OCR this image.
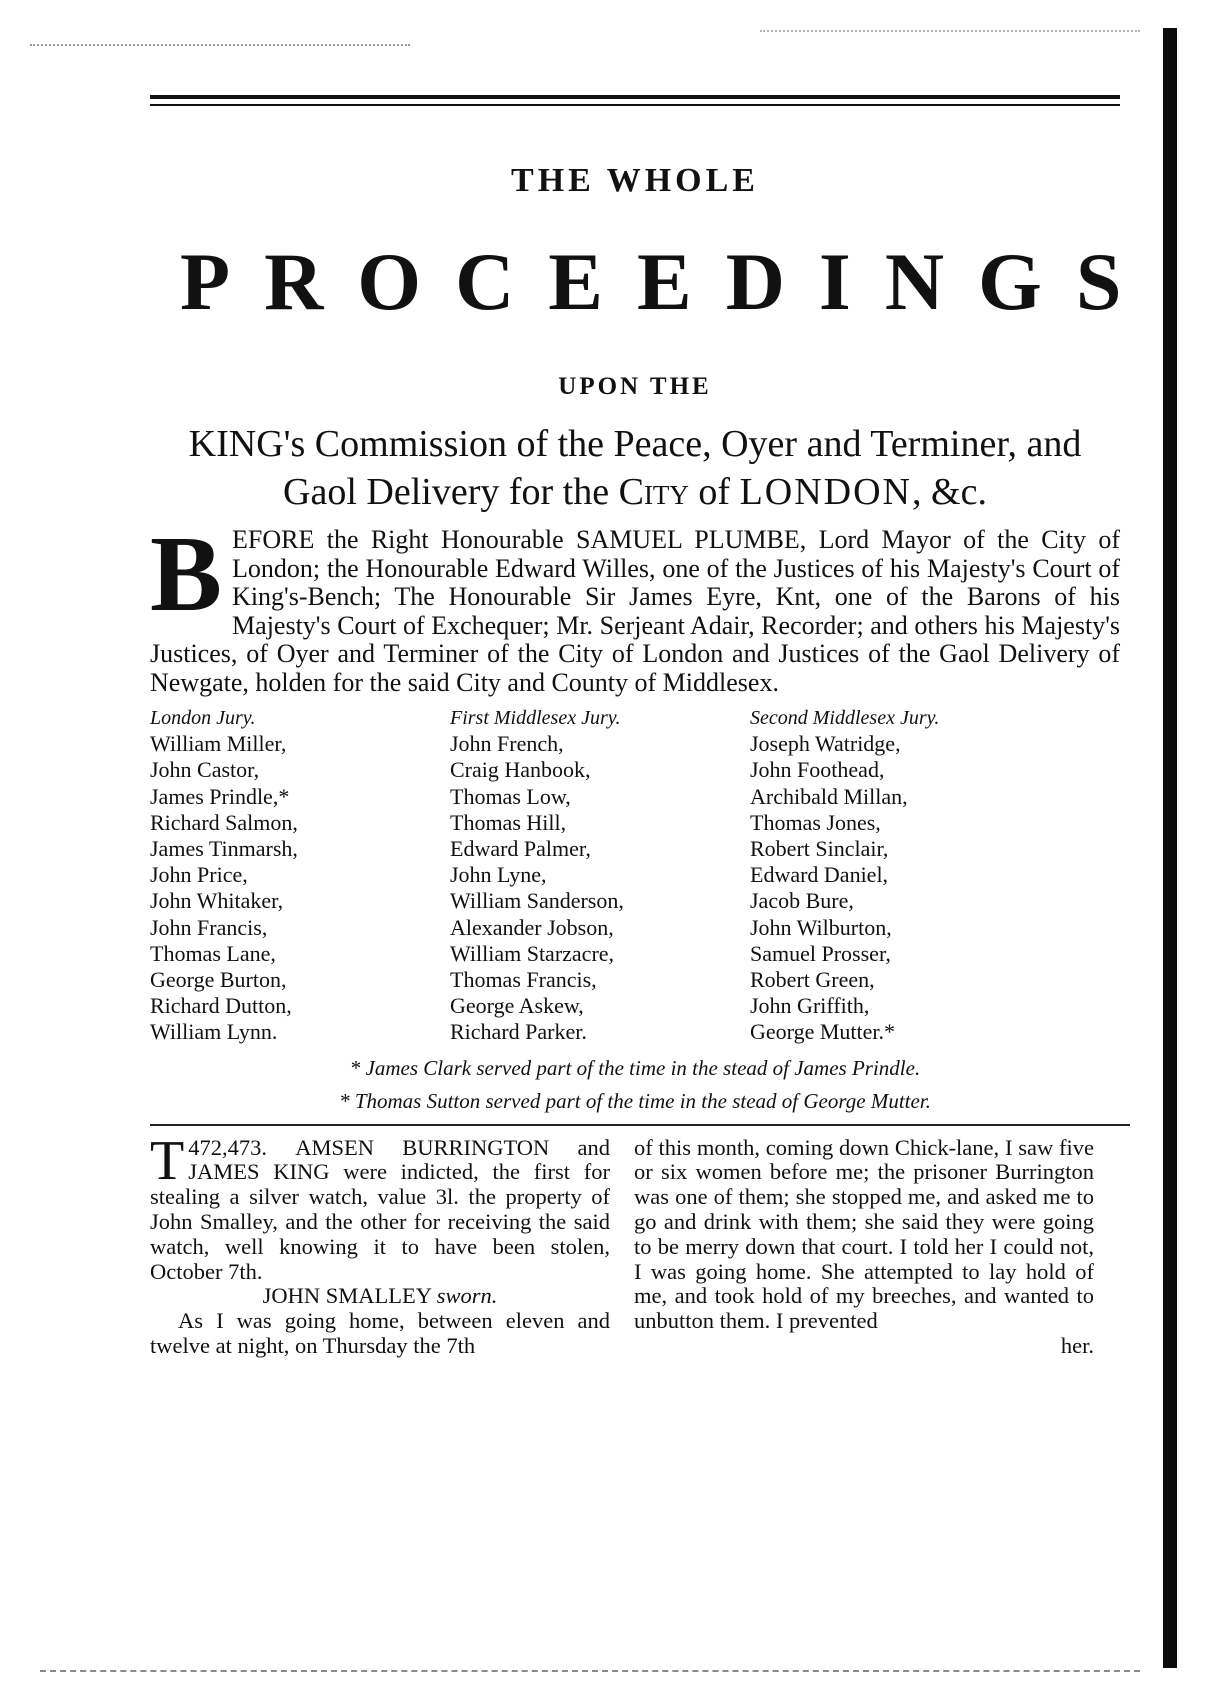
THE WHOLE
PROCEEDINGS
UPON THE
KING's Commission of the Peace, Oyer and Terminer, and
Gaol Delivery for the City of LONDON, &c.
BEFORE the Right Honourable SAMUEL PLUMBE, Lord Mayor of the City of London; the Honourable Edward Willes, one of the Justices of his Majesty's Court of King's-Bench; The Honourable Sir James Eyre, Knt, one of the Barons of his Majesty's Court of Exchequer; Mr. Serjeant Adair, Recorder; and others his Majesty's Justices, of Oyer and Terminer of the City of London and Justices of the Gaol Delivery of Newgate, holden for the said City and County of Middlesex.
London Jury.
William Miller,
John Castor,
James Prindle,*
Richard Salmon,
James Tinmarsh,
John Price,
John Whitaker,
John Francis,
Thomas Lane,
George Burton,
Richard Dutton,
William Lynn.
First Middlesex Jury.
John French,
Craig Hanbook,
Thomas Low,
Thomas Hill,
Edward Palmer,
John Lyne,
William Sanderson,
Alexander Jobson,
William Starzacre,
Thomas Francis,
George Askew,
Richard Parker.
Second Middlesex Jury.
Joseph Watridge,
John Foothead,
Archibald Millan,
Thomas Jones,
Robert Sinclair,
Edward Daniel,
Jacob Bure,
John Wilburton,
Samuel Prosser,
Robert Green,
John Griffith,
George Mutter.*
* James Clark served part of the time in the stead of James Prindle.
* Thomas Sutton served part of the time in the stead of George Mutter.
472,473.
T	AMSEN BURRINGTON and JAMES KING were indicted, the first for stealing a silver watch, value 3l. the property of John Smalley, and the other for receiving the said watch, well knowing it to have been stolen, October 7th.
JOHN SMALLEY sworn.
As I was going home, between eleven and twelve at night, on Thursday the 7th
of this month, coming down Chick-lane, I saw five or six women before me; the prisoner Burrington was one of them; she stopped me, and asked me to go and drink with them; she said they were going to be merry down that court. I told her I could not, I was going home. She attempted to lay hold of me, and took hold of my breeches, and wanted to unbutton them. I prevented
her.
